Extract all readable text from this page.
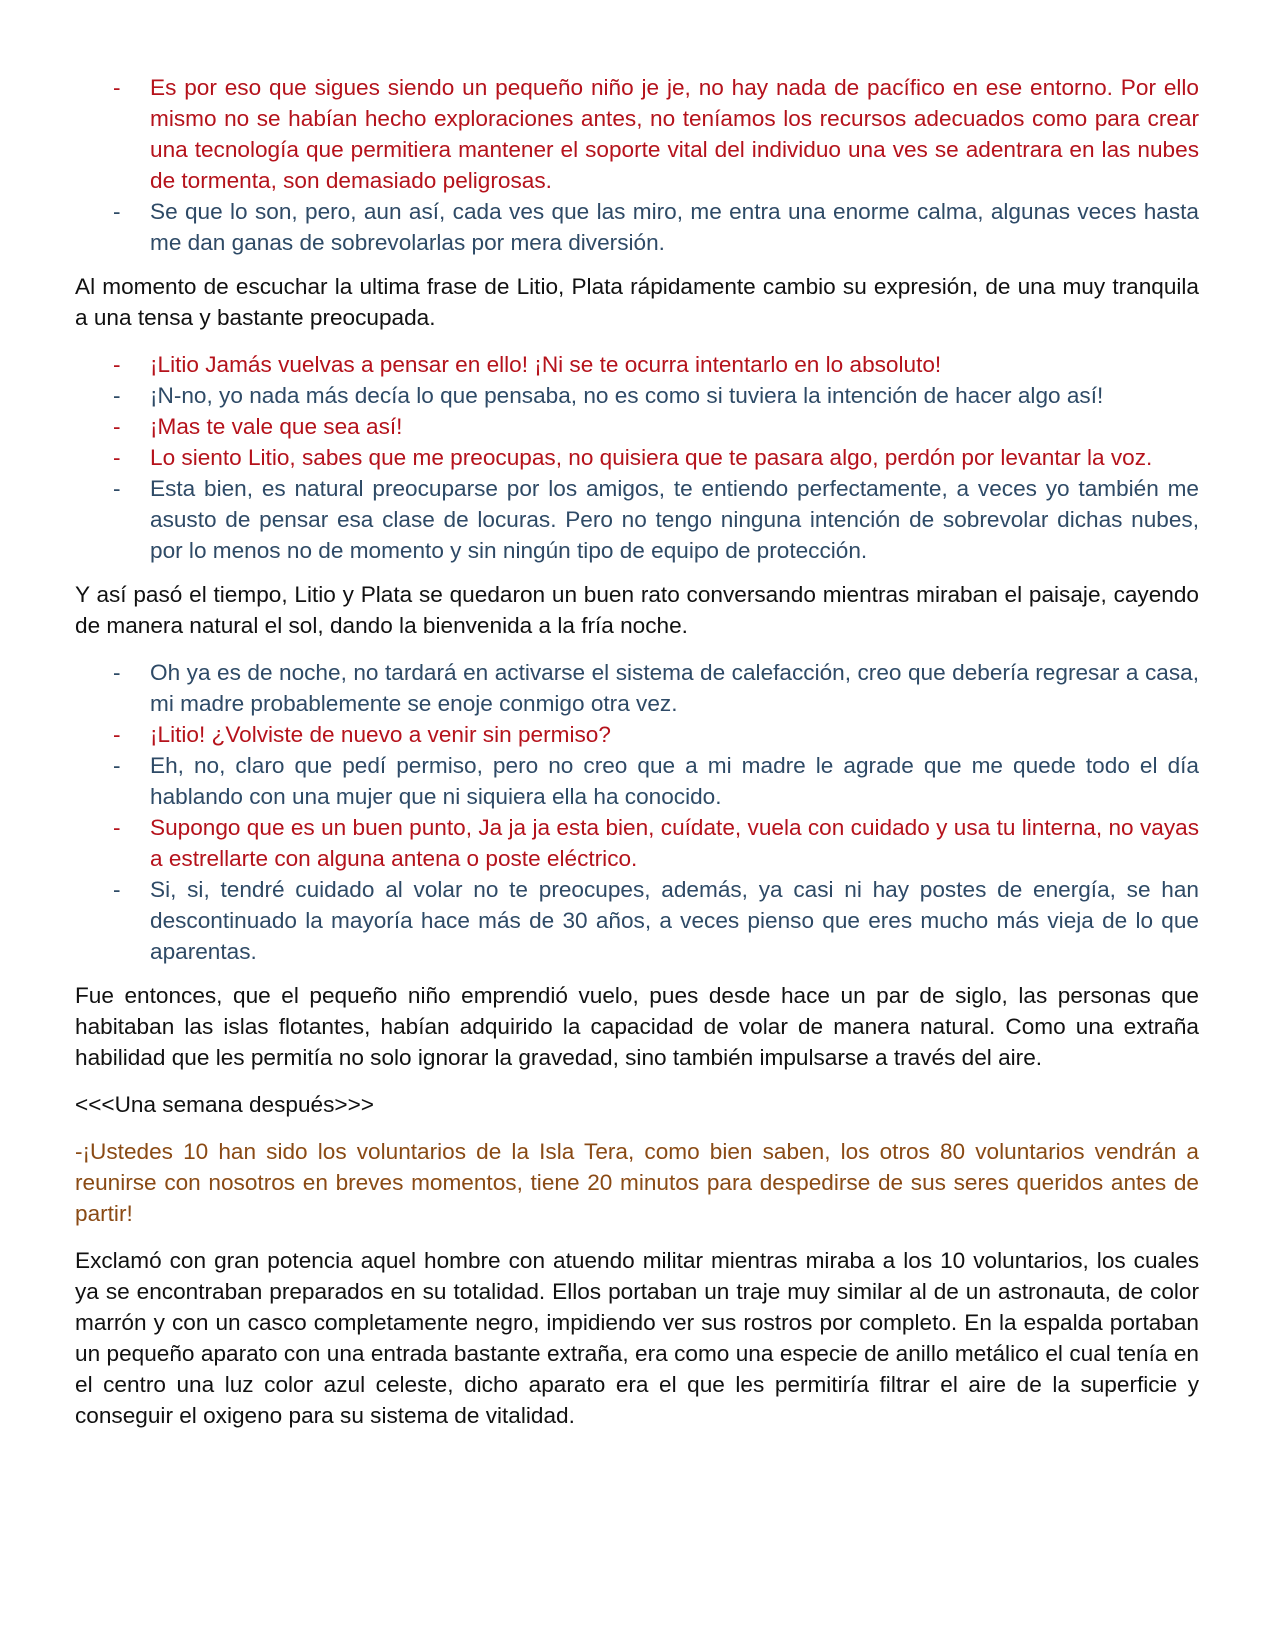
- Es por eso que sigues siendo un pequeño niño je je, no hay nada de pacífico en ese entorno. Por ello mismo no se habían hecho exploraciones antes, no teníamos los recursos adecuados como para crear una tecnología que permitiera mantener el soporte vital del individuo una ves se adentrara en las nubes de tormenta, son demasiado peligrosas.
- Se que lo son, pero, aun así, cada ves que las miro, me entra una enorme calma, algunas veces hasta me dan ganas de sobrevolarlas por mera diversión.

Al momento de escuchar la ultima frase de Litio, Plata rápidamente cambio su expresión, de una muy tranquila a una tensa y bastante preocupada.

- ¡Litio Jamás vuelvas a pensar en ello! ¡Ni se te ocurra intentarlo en lo absoluto!
- ¡N-no, yo nada más decía lo que pensaba, no es como si tuviera la intención de hacer algo así!
- ¡Mas te vale que sea así!
- Lo siento Litio, sabes que me preocupas, no quisiera que te pasara algo, perdón por levantar la voz.
- Esta bien, es natural preocuparse por los amigos, te entiendo perfectamente, a veces yo también me asusto de pensar esa clase de locuras. Pero no tengo ninguna intención de sobrevolar dichas nubes, por lo menos no de momento y sin ningún tipo de equipo de protección.

Y así pasó el tiempo, Litio y Plata se quedaron un buen rato conversando mientras miraban el paisaje, cayendo de manera natural el sol, dando la bienvenida a la fría noche.

- Oh ya es de noche, no tardará en activarse el sistema de calefacción, creo que debería regresar a casa, mi madre probablemente se enoje conmigo otra vez.
- ¡Litio! ¿Volviste de nuevo a venir sin permiso?
- Eh, no, claro que pedí permiso, pero no creo que a mi madre le agrade que me quede todo el día hablando con una mujer que ni siquiera ella ha conocido.
- Supongo que es un buen punto, Ja ja ja esta bien, cuídate, vuela con cuidado y usa tu linterna, no vayas a estrellarte con alguna antena o poste eléctrico.
- Si, si, tendré cuidado al volar no te preocupes, además, ya casi ni hay postes de energía, se han descontinuado la mayoría hace más de 30 años, a veces pienso que eres mucho más vieja de lo que aparentas.

Fue entonces, que el pequeño niño emprendió vuelo, pues desde hace un par de siglo, las personas que habitaban las islas flotantes, habían adquirido la capacidad de volar de manera natural. Como una extraña habilidad que les permitía no solo ignorar la gravedad, sino también impulsarse a través del aire.

<<<Una semana después>>>

-¡Ustedes 10 han sido los voluntarios de la Isla Tera, como bien saben, los otros 80 voluntarios vendrán a reunirse con nosotros en breves momentos, tiene 20 minutos para despedirse de sus seres queridos antes de partir!

Exclamó con gran potencia aquel hombre con atuendo militar mientras miraba a los 10 voluntarios, los cuales ya se encontraban preparados en su totalidad. Ellos portaban un traje muy similar al de un astronauta, de color marrón y con un casco completamente negro, impidiendo ver sus rostros por completo. En la espalda portaban un pequeño aparato con una entrada bastante extraña, era como una especie de anillo metálico el cual tenía en el centro una luz color azul celeste, dicho aparato era el que les permitiría filtrar el aire de la superficie y conseguir el oxigeno para su sistema de vitalidad.
